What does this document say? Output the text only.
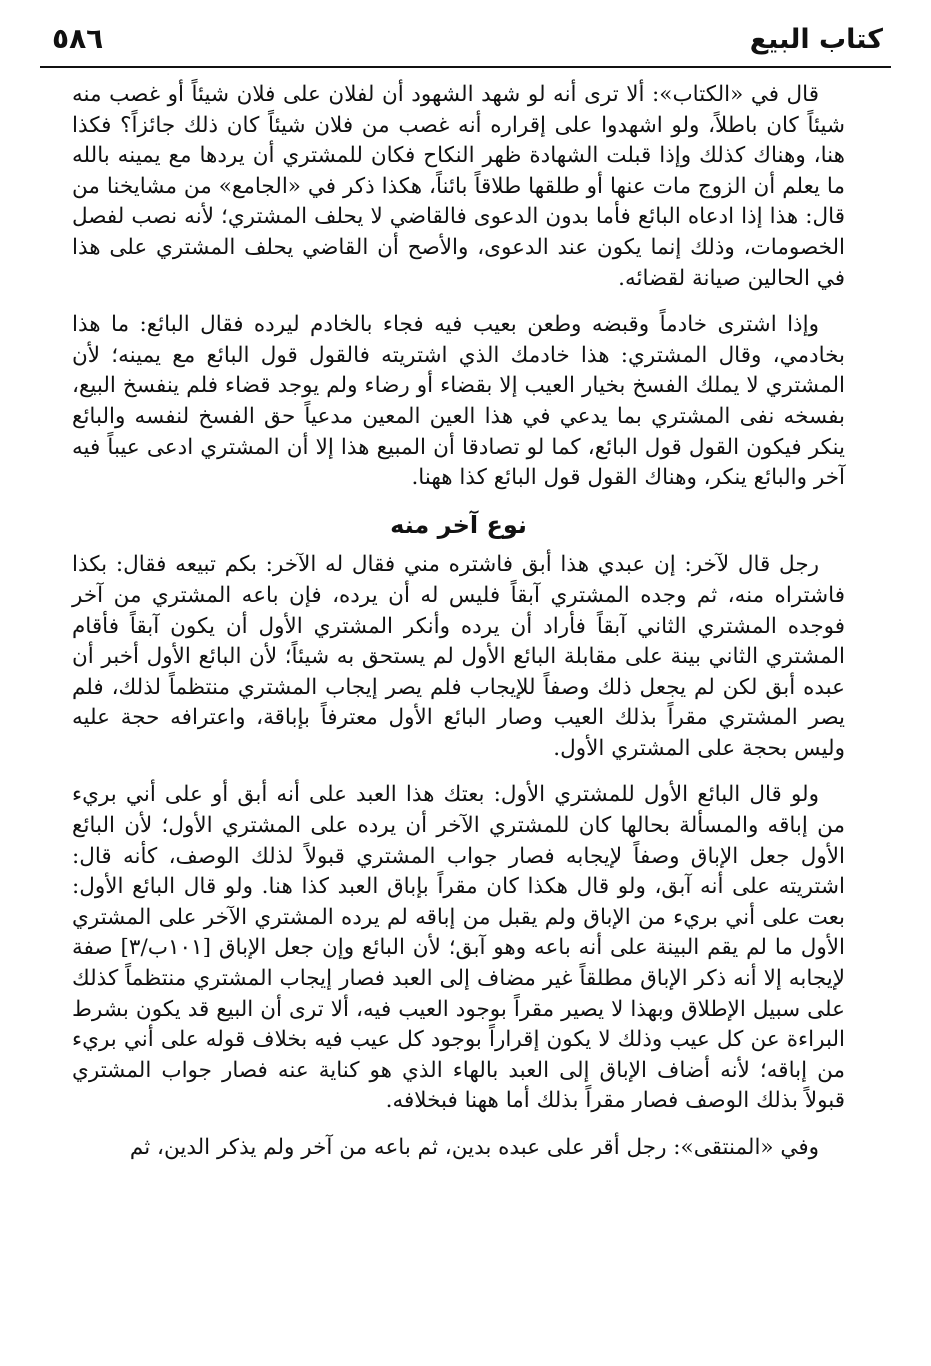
كتاب البيع
٥٨٦

قال في «الكتاب»: ألا ترى أنه لو شهد الشهود أن لفلان على فلان شيئاً أو غصب منه شيئاً كان باطلاً، ولو اشهدوا على إقراره أنه غصب من فلان شيئاً كان ذلك جائزاً؟ فكذا هنا، وهناك كذلك وإذا قبلت الشهادة ظهر النكاح فكان للمشتري أن يردها مع يمينه بالله ما يعلم أن الزوج مات عنها أو طلقها طلاقاً بائناً، هكذا ذكر في «الجامع» من مشايخنا من قال: هذا إذا ادعاه البائع فأما بدون الدعوى فالقاضي لا يحلف المشتري؛ لأنه نصب لفصل الخصومات، وذلك إنما يكون عند الدعوى، والأصح أن القاضي يحلف المشتري على هذا في الحالين صيانة لقضائه.

وإذا اشترى خادماً وقبضه وطعن بعيب فيه فجاء بالخادم ليرده فقال البائع: ما هذا بخادمي، وقال المشتري: هذا خادمك الذي اشتريته فالقول قول البائع مع يمينه؛ لأن المشتري لا يملك الفسخ بخيار العيب إلا بقضاء أو رضاء ولم يوجد قضاء فلم ينفسخ البيع، بفسخه نفى المشتري بما يدعي في هذا العين المعين مدعياً حق الفسخ لنفسه والبائع ينكر فيكون القول قول البائع، كما لو تصادقا أن المبيع هذا إلا أن المشتري ادعى عيباً فيه آخر والبائع ينكر، وهناك القول قول البائع كذا ههنا.

نوع آخر منه

رجل قال لآخر: إن عبدي هذا أبق فاشتره مني فقال له الآخر: بكم تبيعه فقال: بكذا فاشتراه منه، ثم وجده المشتري آبقاً فليس له أن يرده، فإن باعه المشتري من آخر فوجده المشتري الثاني آبقاً فأراد أن يرده وأنكر المشتري الأول أن يكون آبقاً فأقام المشتري الثاني بينة على مقابلة البائع الأول لم يستحق به شيئاً؛ لأن البائع الأول أخبر أن عبده أبق لكن لم يجعل ذلك وصفاً للإيجاب فلم يصر إيجاب المشتري منتظماً لذلك، فلم يصر المشتري مقراً بذلك العيب وصار البائع الأول معترفاً بإباقة، واعترافه حجة عليه وليس بحجة على المشتري الأول.

ولو قال البائع الأول للمشتري الأول: بعتك هذا العبد على أنه أبق أو على أني بريء من إباقه والمسألة بحالها كان للمشتري الآخر أن يرده على المشتري الأول؛ لأن البائع الأول جعل الإباق وصفاً لإيجابه فصار جواب المشتري قبولاً لذلك الوصف، كأنه قال: اشتريته على أنه آبق، ولو قال هكذا كان مقراً بإباق العبد كذا هنا. ولو قال البائع الأول: بعت على أني بريء من الإباق ولم يقبل من إباقه لم يرده المشتري الآخر على المشتري الأول ما لم يقم البينة على أنه باعه وهو آبق؛ لأن البائع وإن جعل الإباق [١٠١ب/٣] صفة لإيجابه إلا أنه ذكر الإباق مطلقاً غير مضاف إلى العبد فصار إيجاب المشتري منتظماً كذلك على سبيل الإطلاق وبهذا لا يصير مقراً بوجود العيب فيه، ألا ترى أن البيع قد يكون بشرط البراءة عن كل عيب وذلك لا يكون إقراراً بوجود كل عيب فيه بخلاف قوله على أني بريء من إباقه؛ لأنه أضاف الإباق إلى العبد بالهاء الذي هو كناية عنه فصار جواب المشتري قبولاً بذلك الوصف فصار مقراً بذلك أما ههنا فبخلافه.

وفي «المنتقى»: رجل أقر على عبده بدين، ثم باعه من آخر ولم يذكر الدين، ثم
